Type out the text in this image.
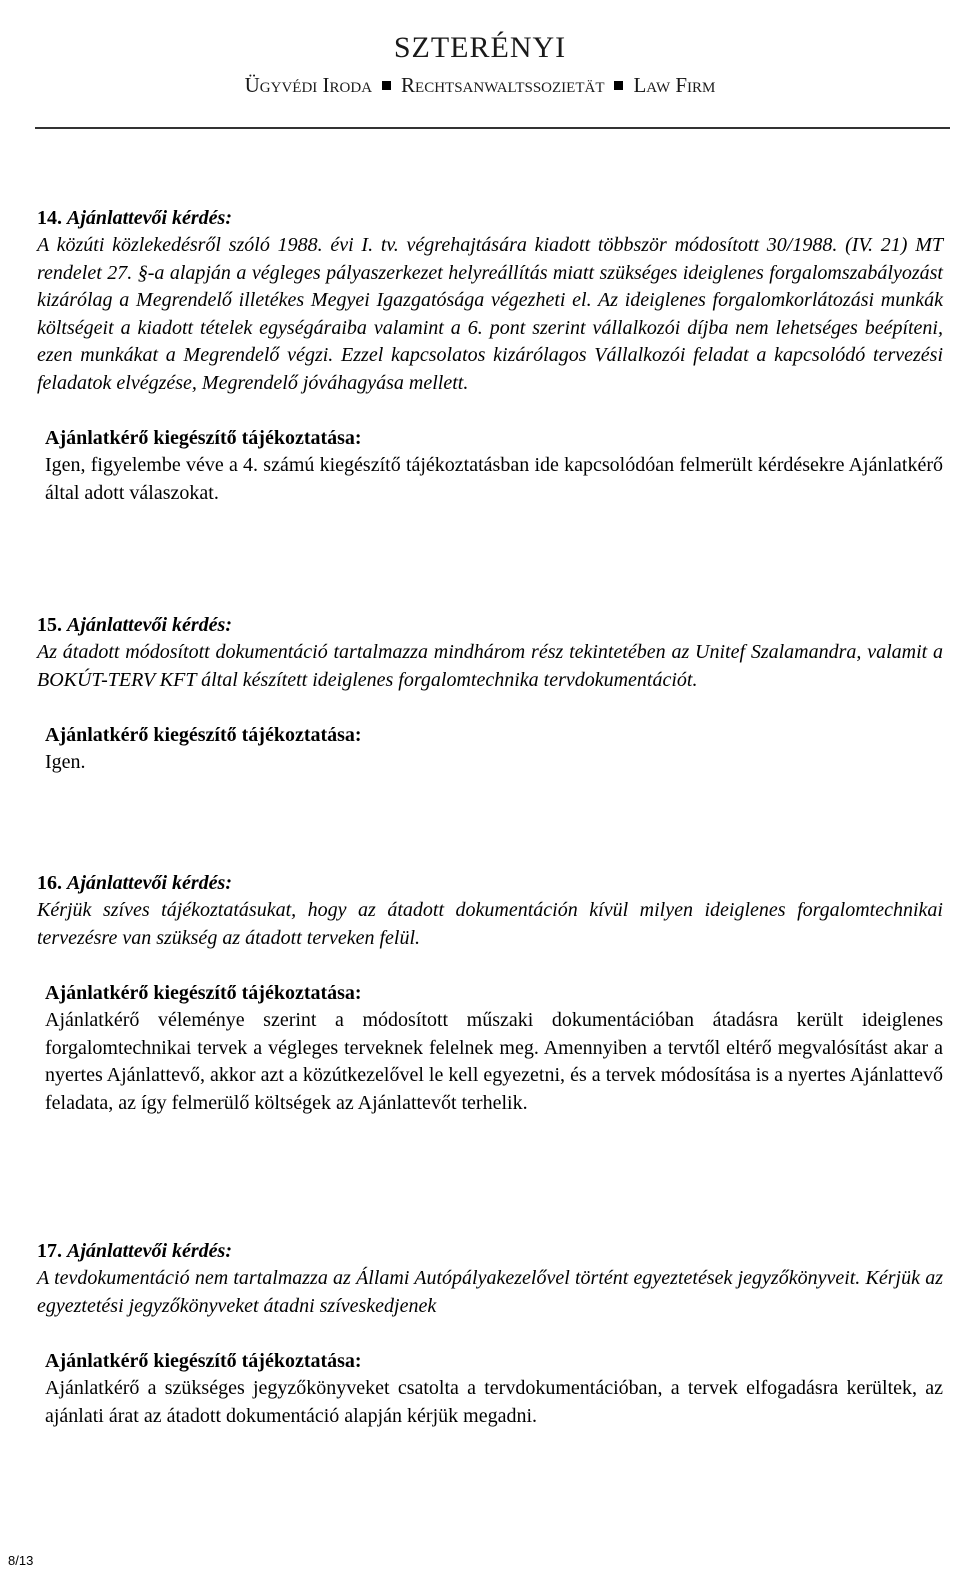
SZTERÉNYI
Ügyvédi Iroda Rechtsanwaltssozietät Law Firm
14. Ajánlattevői kérdés:
A közúti közlekedésről szóló 1988. évi I. tv. végrehajtására kiadott többször módosított 30/1988. (IV. 21) MT rendelet 27. §-a alapján a végleges pályaszerkezet helyreállítás miatt szükséges ideiglenes forgalomszabályozást kizárólag a Megrendelő illetékes Megyei Igazgatósága végezheti el. Az ideiglenes forgalomkorlátozási munkák költségeit a kiadott tételek egységáraiba valamint a 6. pont szerint vállalkozói díjba nem lehetséges beépíteni, ezen munkákat a Megrendelő végzi. Ezzel kapcsolatos kizárólagos Vállalkozói feladat a kapcsolódó tervezési feladatok elvégzése, Megrendelő jóváhagyása mellett.
Ajánlatkérő kiegészítő tájékoztatása:
Igen, figyelembe véve a 4. számú kiegészítő tájékoztatásban ide kapcsolódóan felmerült kérdésekre Ajánlatkérő által adott válaszokat.
15. Ajánlattevői kérdés:
Az átadott módosított dokumentáció tartalmazza mindhárom rész tekintetében az Unitef Szalamandra, valamit a BOKÚT-TERV KFT által készített ideiglenes forgalomtechnika tervdokumentációt.
Ajánlatkérő kiegészítő tájékoztatása:
Igen.
16. Ajánlattevői kérdés:
Kérjük szíves tájékoztatásukat, hogy az átadott dokumentáción kívül milyen ideiglenes forgalomtechnikai tervezésre van szükség az átadott terveken felül.
Ajánlatkérő kiegészítő tájékoztatása:
Ajánlatkérő véleménye szerint a módosított műszaki dokumentációban átadásra került ideiglenes forgalomtechnikai tervek a végleges terveknek felelnek meg. Amennyiben a tervtől eltérő megvalósítást akar a nyertes Ajánlattevő, akkor azt a közútkezelővel le kell egyezetni, és a tervek módosítása is a nyertes Ajánlattevő feladata, az így felmerülő költségek az Ajánlattevőt terhelik.
17. Ajánlattevői kérdés:
A tevdokumentáció nem tartalmazza az Állami Autópályakezelővel történt egyeztetések jegyzőkönyveit. Kérjük az egyeztetési jegyzőkönyveket átadni szíveskedjenek
Ajánlatkérő kiegészítő tájékoztatása:
Ajánlatkérő a szükséges jegyzőkönyveket csatolta a tervdokumentációban, a tervek elfogadásra kerültek, az ajánlati árat az átadott dokumentáció alapján kérjük megadni.
8/13
